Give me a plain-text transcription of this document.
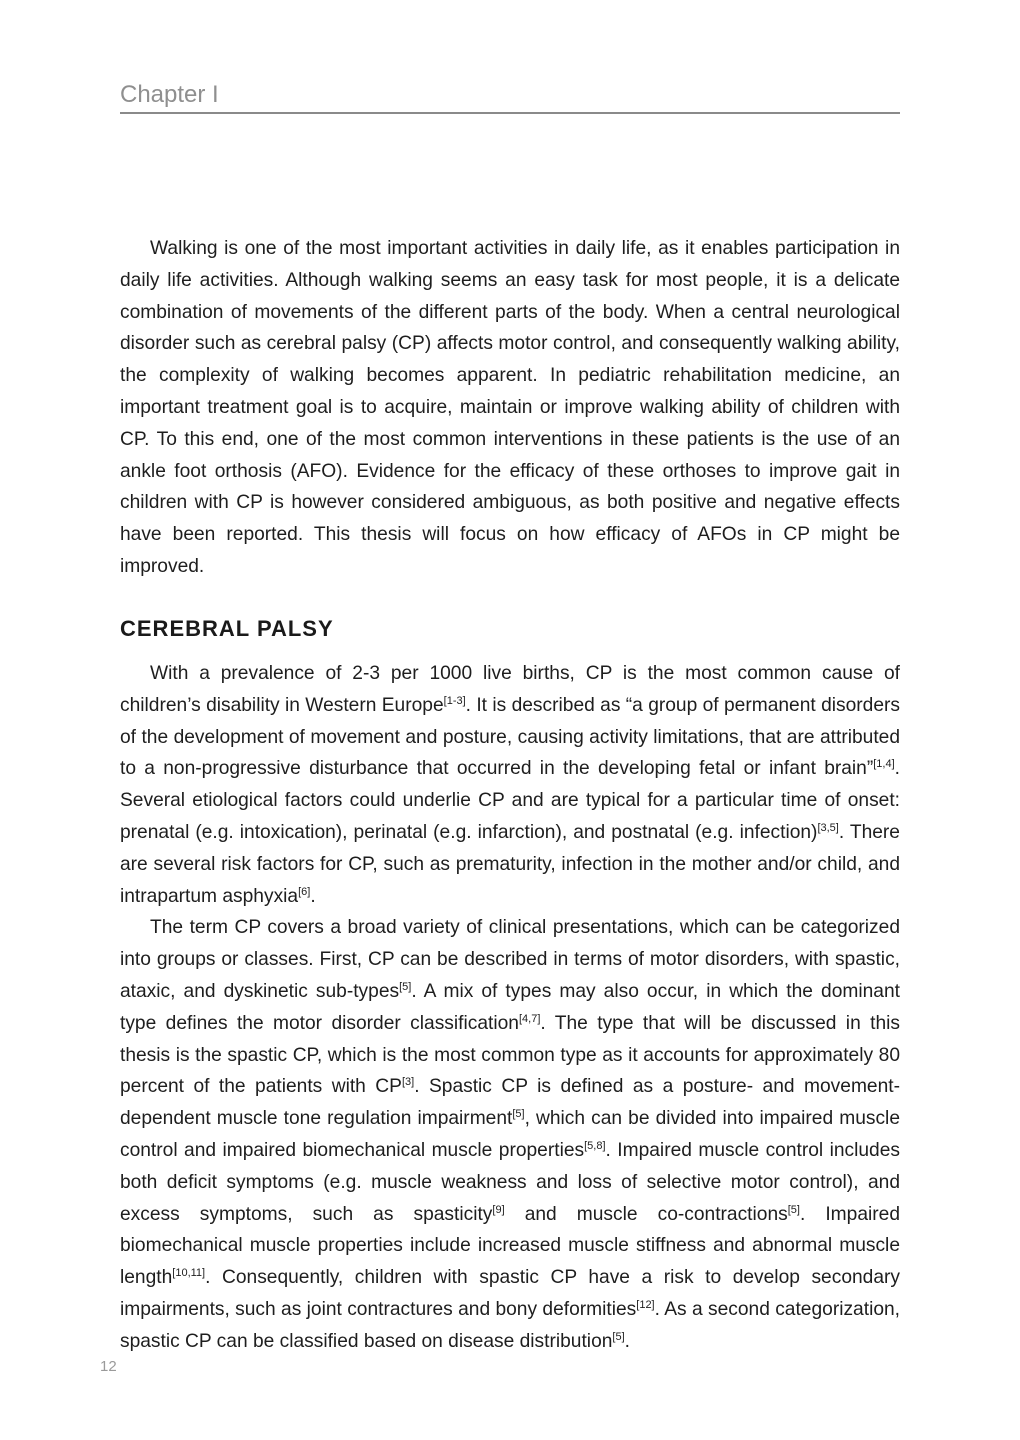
Chapter I

Walking is one of the most important activities in daily life, as it enables participation in daily life activities. Although walking seems an easy task for most people, it is a delicate combination of movements of the different parts of the body. When a central neurological disorder such as cerebral palsy (CP) affects motor control, and consequently walking ability, the complexity of walking becomes apparent. In pediatric rehabilitation medicine, an important treatment goal is to acquire, maintain or improve walking ability of children with CP. To this end, one of the most common interventions in these patients is the use of an ankle foot orthosis (AFO). Evidence for the efficacy of these orthoses to improve gait in children with CP is however considered ambiguous, as both positive and negative effects have been reported. This thesis will focus on how efficacy of AFOs in CP might be improved.

CEREBRAL PALSY

With a prevalence of 2-3 per 1000 live births, CP is the most common cause of children’s disability in Western Europe[1-3]. It is described as “a group of permanent disorders of the development of movement and posture, causing activity limitations, that are attributed to a non-progressive disturbance that occurred in the developing fetal or infant brain”[1,4]. Several etiological factors could underlie CP and are typical for a particular time of onset: prenatal (e.g. intoxication), perinatal (e.g. infarction), and postnatal (e.g. infection)[3,5]. There are several risk factors for CP, such as prematurity, infection in the mother and/or child, and intrapartum asphyxia[6].

The term CP covers a broad variety of clinical presentations, which can be categorized into groups or classes. First, CP can be described in terms of motor disorders, with spastic, ataxic, and dyskinetic sub-types[5]. A mix of types may also occur, in which the dominant type defines the motor disorder classification[4,7]. The type that will be discussed in this thesis is the spastic CP, which is the most common type as it accounts for approximately 80 percent of the patients with CP[3]. Spastic CP is defined as a posture- and movement-dependent muscle tone regulation impairment[5], which can be divided into impaired muscle control and impaired biomechanical muscle properties[5,8]. Impaired muscle control includes both deficit symptoms (e.g. muscle weakness and loss of selective motor control), and excess symptoms, such as spasticity[9] and muscle co-contractions[5]. Impaired biomechanical muscle properties include increased muscle stiffness and abnormal muscle length[10,11]. Consequently, children with spastic CP have a risk to develop secondary impairments, such as joint contractures and bony deformities[12]. As a second categorization, spastic CP can be classified based on disease distribution[5].

12
